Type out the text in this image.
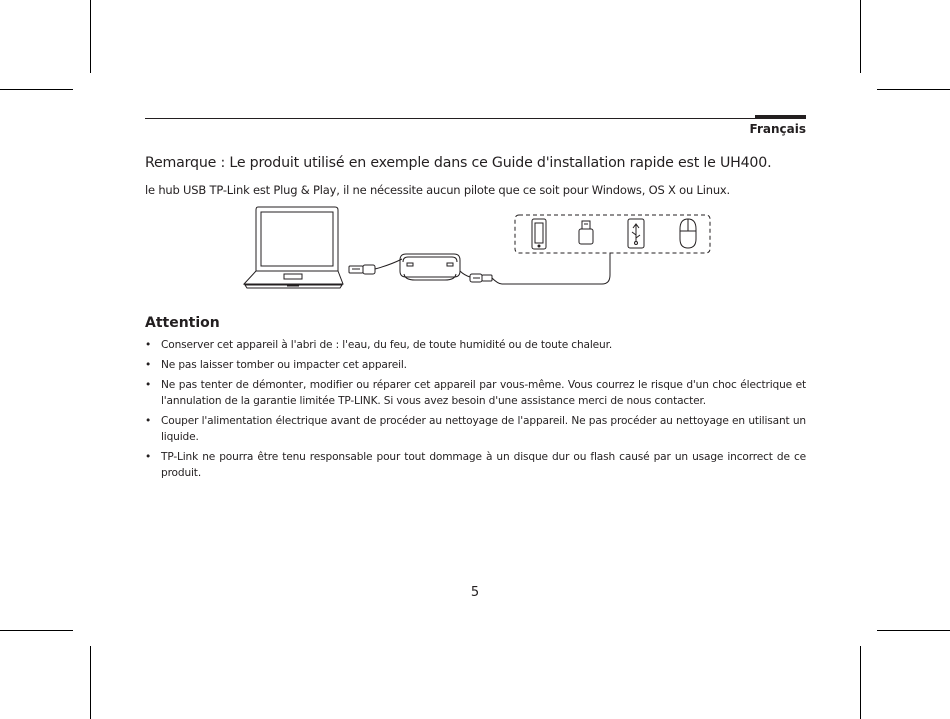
Français
Remarque : Le produit utilisé en exemple dans ce Guide d'installation rapide est le UH400.
le hub USB TP-Link est Plug & Play, il ne nécessite aucun pilote que ce soit pour Windows, OS X ou Linux.
Attention
• Conserver cet appareil à l'abri de : l'eau, du feu, de toute humidité ou de toute chaleur.
• Ne pas laisser tomber ou impacter cet appareil.
• Ne pas tenter de démonter, modifier ou réparer cet appareil par vous-même. Vous courrez le risque d'un choc électrique et l'annulation de la garantie limitée TP-LINK. Si vous avez besoin d'une assistance merci de nous contacter.
• Couper l'alimentation électrique avant de procéder au nettoyage de l'appareil. Ne pas procéder au nettoyage en utilisant un liquide.
• TP-Link ne pourra être tenu responsable pour tout dommage à un disque dur ou flash causé par un usage incorrect de ce produit.
5
